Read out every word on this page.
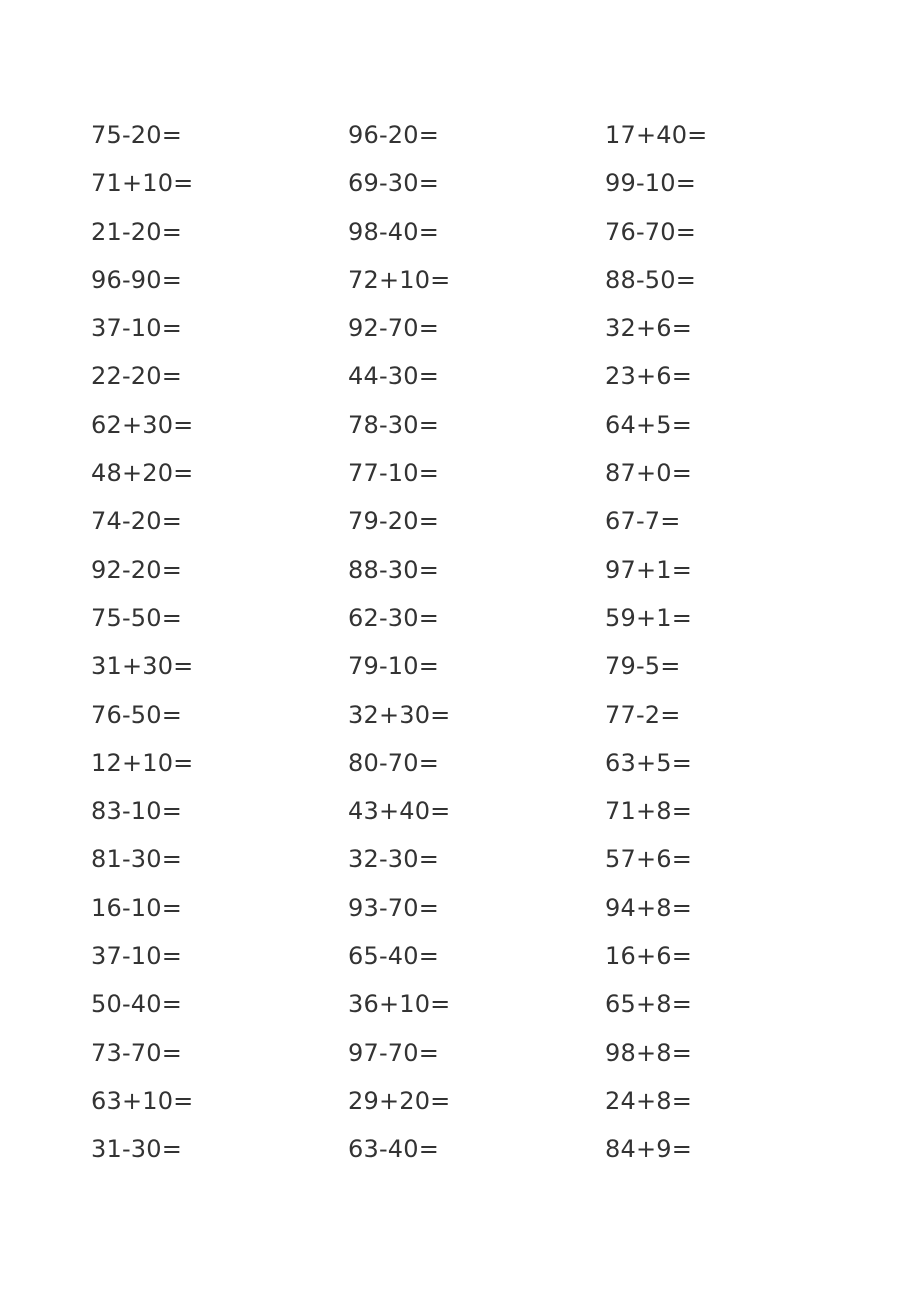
75-20=	96-20=	17+40=
71+10=	69-30=	99-10=
21-20=	98-40=	76-70=
96-90=	72+10=	88-50=
37-10=	92-70=	32+6=
22-20=	44-30=	23+6=
62+30=	78-30=	64+5=
48+20=	77-10=	87+0=
74-20=	79-20=	67-7=
92-20=	88-30=	97+1=
75-50=	62-30=	59+1=
31+30=	79-10=	79-5=
76-50=	32+30=	77-2=
12+10=	80-70=	63+5=
83-10=	43+40=	71+8=
81-30=	32-30=	57+6=
16-10=	93-70=	94+8=
37-10=	65-40=	16+6=
50-40=	36+10=	65+8=
73-70=	97-70=	98+8=
63+10=	29+20=	24+8=
31-30=	63-40=	84+9=
